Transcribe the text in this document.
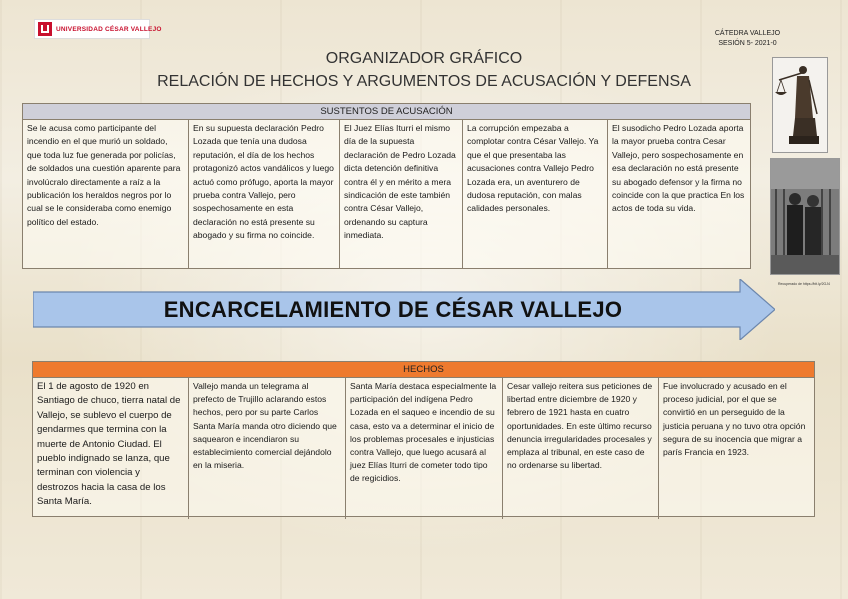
UNIVERSIDAD CÉSAR VALLEJO
CÁTEDRA VALLEJO
SESIÓN 5- 2021-0
ORGANIZADOR GRÁFICO
RELACIÓN DE HECHOS Y ARGUMENTOS DE ACUSACIÓN Y DEFENSA
SUSTENTOS DE ACUSACIÓN
Se le acusa como participante del incendio en el que murió un soldado, que toda luz fue generada por policías, de soldados una cuestión aparente para involúcralo directamente a raíz a la publicación los heraldos negros por lo cual se le consideraba como enemigo político del estado.
En su supuesta declaración Pedro Lozada que tenía una dudosa reputación, el día de los hechos protagonizó actos vandálicos y luego actuó como prófugo, aporta la mayor prueba contra Vallejo, pero sospechosamente en esta declaración no está presente su abogado y su firma no coincide.
El Juez Elías Iturri el mismo día de la supuesta declaración de Pedro Lozada dicta detención definitiva contra él y en mérito a mera sindicación de este también contra César Vallejo, ordenando su captura inmediata.
La corrupción empezaba a complotar contra César Vallejo. Ya que el que presentaba las acusaciones contra Vallejo Pedro Lozada era, un aventurero de dudosa reputación, con malas calidades personales.
El susodicho Pedro Lozada aporta la mayor prueba contra Cesar Vallejo, pero sospechosamente en esa declaración no está presente su abogado defensor y la firma no coincide con la que practica En los actos de toda su vida.
Recuperado de https://bit.ly/2GJ4
ENCARCELAMIENTO DE CÉSAR VALLEJO
HECHOS
El 1 de agosto de 1920 en Santiago de chuco, tierra natal de Vallejo, se sublevo el cuerpo de gendarmes que termina con la muerte de Antonio Ciudad. El pueblo indignado se lanza, que terminan con violencia y destrozos hacia la casa de los Santa María.
Vallejo manda un telegrama al prefecto de Trujillo aclarando estos hechos, pero por su parte Carlos Santa María manda otro diciendo que saquearon e incendiaron su establecimiento comercial dejándolo en la miseria.
Santa María destaca especialmente la participación del indígena Pedro Lozada en el saqueo e incendio de su casa, esto va a determinar el inicio de los problemas procesales e injusticias contra Vallejo, que luego acusará al juez Elías Iturri de cometer todo tipo de regicidios.
Cesar vallejo reitera sus peticiones de libertad entre diciembre de 1920 y febrero de 1921 hasta en cuatro oportunidades. En este último recurso denuncia irregularidades procesales y emplaza al tribunal, en este caso de no ordenarse su libertad.
Fue involucrado y acusado en el proceso judicial, por el que se convirtió en un perseguido de la justicia peruana y no tuvo otra opción segura de su inocencia que migrar a parís Francia en 1923.
